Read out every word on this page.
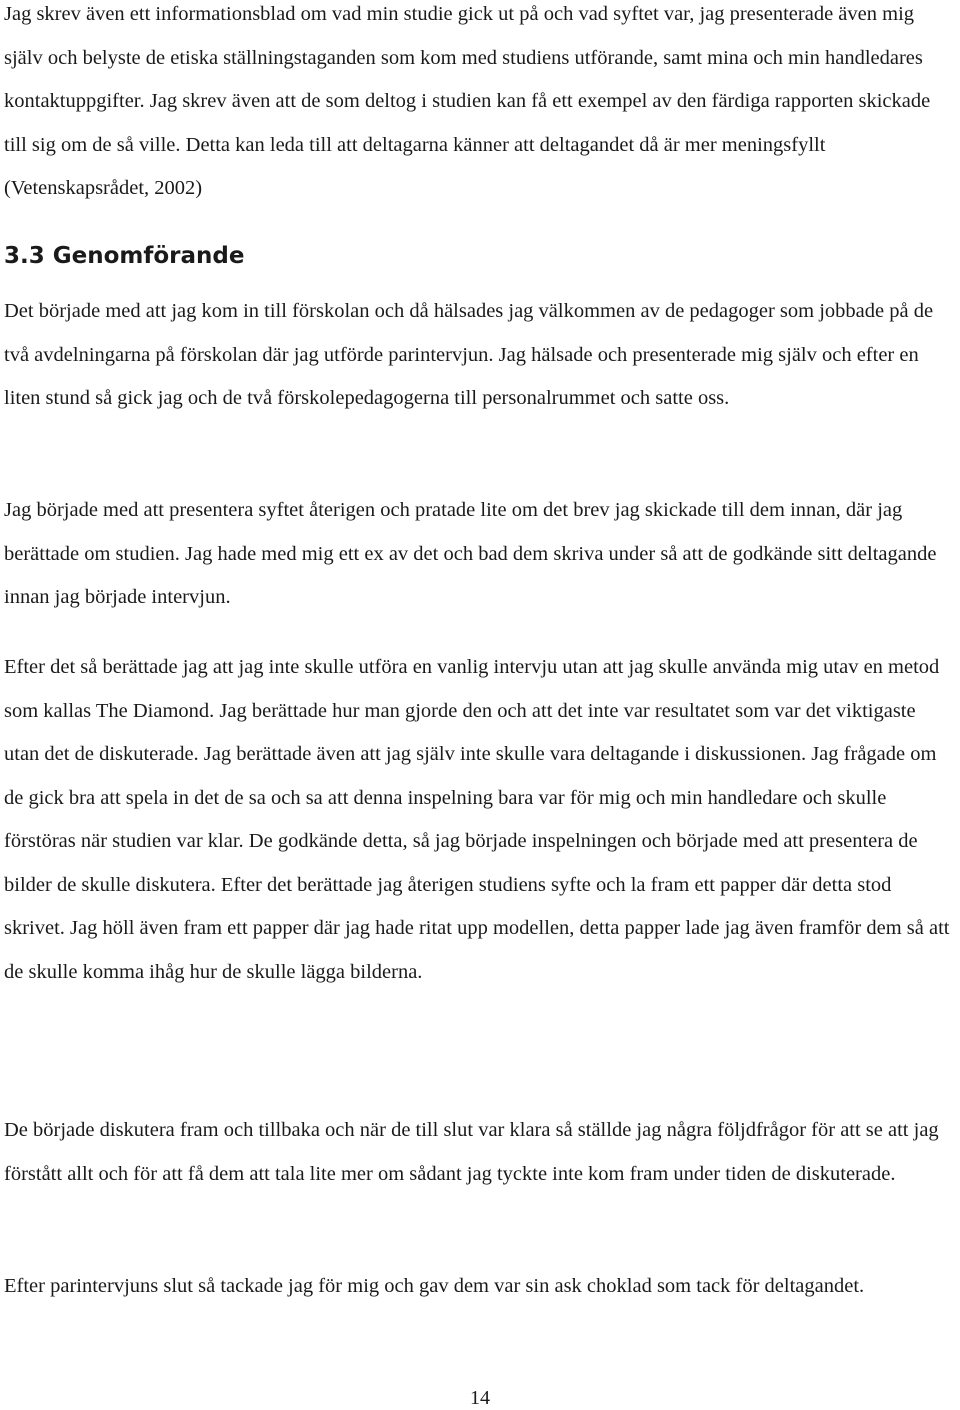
Jag skrev även ett informationsblad om vad min studie gick ut på och vad syftet var, jag presenterade även mig själv och belyste de etiska ställningstaganden som kom med studiens utförande, samt mina och min handledares kontaktuppgifter. Jag skrev även att de som deltog i studien kan få ett exempel av den färdiga rapporten skickade till sig om de så ville. Detta kan leda till att deltagarna känner att deltagandet då är mer meningsfyllt (Vetenskapsrådet, 2002)

3.3 Genomförande

Det började med att jag kom in till förskolan och då hälsades jag välkommen av de pedagoger som jobbade på de två avdelningarna på förskolan där jag utförde parintervjun. Jag hälsade och presenterade mig själv och efter en liten stund så gick jag och de två förskolepedagogerna till personalrummet och satte oss.

Jag började med att presentera syftet återigen och pratade lite om det brev jag skickade till dem innan, där jag berättade om studien. Jag hade med mig ett ex av det och bad dem skriva under så att de godkände sitt deltagande innan jag började intervjun.

Efter det så berättade jag att jag inte skulle utföra en vanlig intervju utan att jag skulle använda mig utav en metod som kallas The Diamond. Jag berättade hur man gjorde den och att det inte var resultatet som var det viktigaste utan det de diskuterade. Jag berättade även att jag själv inte skulle vara deltagande i diskussionen. Jag frågade om de gick bra att spela in det de sa och sa att denna inspelning bara var för mig och min handledare och skulle förstöras när studien var klar. De godkände detta, så jag började inspelningen och började med att presentera de bilder de skulle diskutera. Efter det berättade jag återigen studiens syfte och la fram ett papper där detta stod skrivet. Jag höll även fram ett papper där jag hade ritat upp modellen, detta papper lade jag även framför dem så att de skulle komma ihåg hur de skulle lägga bilderna.

De började diskutera fram och tillbaka och när de till slut var klara så ställde jag några följdfrågor för att se att jag förstått allt och för att få dem att tala lite mer om sådant jag tyckte inte kom fram under tiden de diskuterade.

Efter parintervjuns slut så tackade jag för mig och gav dem var sin ask choklad som tack för deltagandet.

14
